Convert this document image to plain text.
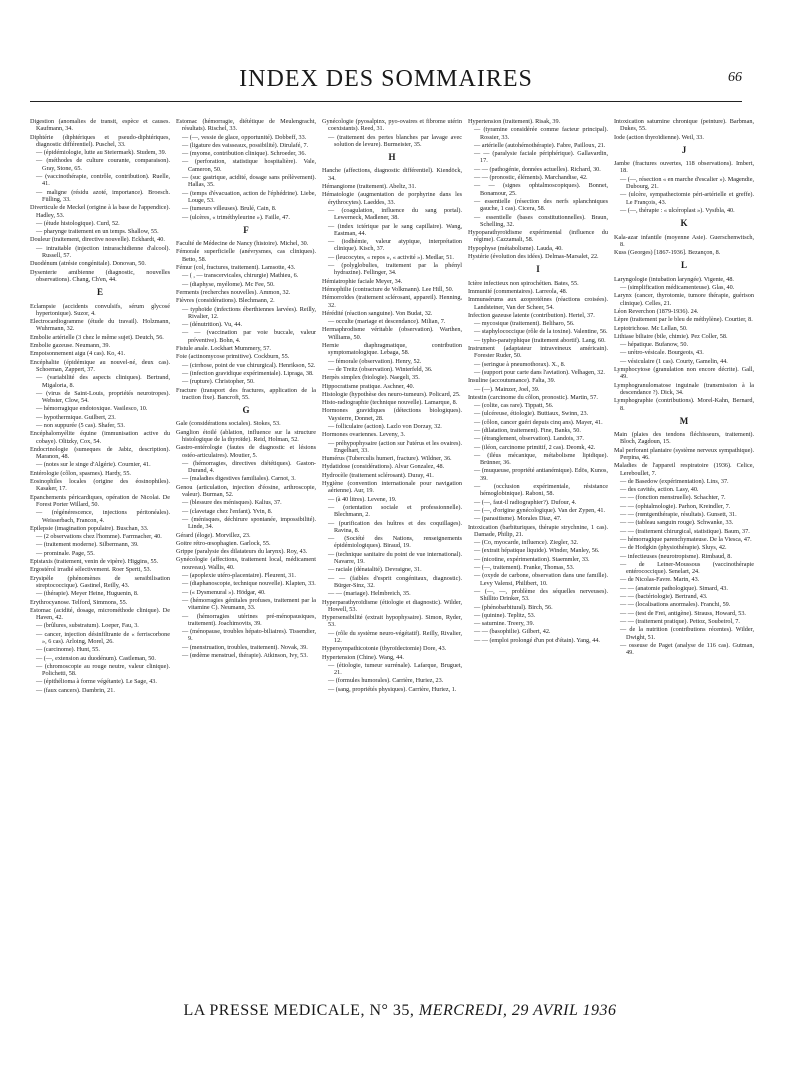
INDEX DES SOMMAIRES	66
Digestion (anomalies de transit, espèce et causes. Kaufmann, 34.
Diphtérie (diphtériques et pseudo-diphtériques, diagnostic différentiel). Puschel, 33.
— (épidémiologie, lutte au Steiermark). Studem, 39.
— (méthodes de culture courante, comparaison). Gray, Stone, 65.
— (vaccinothérapie, contrôle, contribution). Ruelle, 41.
— maligne (résidu azoté, importance). Broesch. Fülling, 33.
Diverticule de Meckel (origine à la base de l'appendice). Hadley, 53.
— (étude histologique). Curd, 52.
— pharynge traitement en un temps. Shallow, 55.
Douleur (traitement, directive nouvelle). Eckhardt, 40.
— intraitable (injection intrarachidienne d'alcool). Russell, 57.
Duodénum (atrésie congénitale). Donovan, 50.
Dysenterie amibienne (diagnostic, nouvelles observations). Chang, Ch'en, 44.
E
Eclampsie (accidents convulsifs, sérum glycosé hypertonique). Suzor, 4.
Electrocardiogramme (étude du travail). Holzmann, Wuhrmann, 32.
Embolie artérielle (3 chez le même sujet). Deutch, 56.
Embolie gazeuse. Neumann, 39.
Empoisonnement aigu (4 cas). Ko, 41.
Encéphalite (épidémique au nouvel-né, deux cas). Schoeman, Zappert, 37.
— (variabilité des aspects cliniques). Bertrand, Migaloria, 8.
— (virus de Saint-Louis, propriétés neurotropes). Webster, Clow, 54.
— hémorragique endotoxique. Vasilesco, 10.
— hypothermique. Guilbert, 23.
— non suppurée (5 cas). Shafer, 53.
Encéphalomyélite équine (immunisation active du cobaye). Olitzky, Cox, 54.
Endocrinologie (sumeques de Jabiz, description). Maranon, 48.
— (notes sur le singe d'Algérie). Cournier, 41.
Entérologie (côlon, spasmes). Hardy, 55.
Eosinophiles locales (origine des éosinophiles). Kasaker, 17.
Epanchements péricardiques, opération de Nicolai. De Forest Porter Willard, 50.
— (régénérescence, injections péritonéales). Weisserbach, Francon, 4.
Epilepsie (imagination populaire). Buschan, 33.
— (2 observations chez l'homme). Farrmacher, 40.
— (traitement moderne). Silbermann, 39.
— prominale. Page, 55.
Epistaxis (traitement, venin de vipère). Higgins, 55.
Ergostérol irradié sélectivement. Roer Sperti, 53.
Erysipèle (phénomènes de sensibilisation streptococcique). Gastinel, Reilly, 43.
— (thérapie). Meyer Heine, Huguenin, 8.
Erythrocyanose. Telford, Simmons, 55.
Estomac (acidité, dosage, microméthode clinique). De Haven, 42.
— (brûlures, substratum). Loeper, Fau, 3.
— cancer, injection désinfiltrante de « ferriscorbone », 6 cas). Arloing, Morel, 26.
— (carcinome). Hunt, 55.
— (—, extension au duodénum). Castleman, 50.
— (chromoscopie au rouge neutre, valeur clinique). Polichetti, 58.
— (épithélioma à forme végétante). Le Sage, 43.
— (faux cancers). Dambrin, 21.
Estomac (hémorragie, diététique de Meulengracht, résultats). Rischel, 33.
— (—, vessie de glace, opportunité). Dobbeff, 33.
— (ligature des vaisseaux, possibilité). Dirulafé, 7.
— (myome, contribution clinique). Schroeder, 36.
— (perforation, statistique hospitalière). Vale, Cameron, 50.
— (suc gastrique, acidité, dosage sans prélèvement). Hallas, 35.
— (temps d'évacuation, action de l'éphédrine). Liebe, Louge, 53.
— (tumeurs villeuses). Brulé, Cain, 8.
— (ulcères, « triméthyleurine »). Faille, 47.
F
Faculté de Médecine de Nancy (histoire). Michel, 30.
Fémorale superficielle (anévrysmes, cas cliniques). Betto, 58.
Fémur (col, fractures, traitement). Lamsotte, 43.
— ( , — transcervicales, chirurgie) Mathieu, 6.
— (diaphyse, myélome). Mc Fee, 50.
Ferments (recherches nouvelles). Ammon, 32.
Fièvres (considérations). Blechmann, 2.
— typhoïde (infections éberthiennes larvées). Reilly, Rivalier, 12.
— (dénutrition). Vu, 44.
— — (vaccination par voie buccale, valeur préventive). Bohn, 4.
Fistule anale. Lockhart Mummery, 57.
Foie (actinomycose primitive). Cockburn, 55.
— (cirrhose, point de vue chirurgical). Henrikson, 52.
— (infection gravidique expérimentale). Lipraga, 38.
— (rupture). Christopher, 50.
Fracture (transport des fractures, application de la traction fixe). Bancroft, 55.
G
Gale (considérations sociales). Stokes, 53.
Ganglion étoilé (ablation, influence sur la structure histologique de la thyroïde). Reid, Holman, 52.
Gastro-entérologie (fautes de diagnostic et lésions ostéo-articulaires). Moutier, 5.
— (hémorragies, directives diététiques). Gaston-Durand, 4.
— (maladies digestives familiales). Carnot, 3.
Genou (articulation, injection d'éosine, arthroscopie, valeur). Burman, 52.
— (blessure des ménisques). Kalius, 37.
— (clavetage chez l'enfant). Yvin, 8.
— (ménisques, déchirure spontanée, impossibilité). Linde, 34.
Gérard (éloge). Morvillez, 23.
Goitre rétro-œsophagien. Garlock, 55.
Grippe (paralysie des dilatateurs du larynx). Roy, 43.
Gynécologie (affections, traitement local, médicament nouveau). Wallis, 40.
— (apoplexie utéro-placentaire). Fleurent, 31.
— (diaphanoscopie, technique nouvelle). Klapten, 33.
— (« Dysmenural »). Hödgar, 40.
— (hémorragies génitales profuses, traitement par la vitamine C). Neumann, 33.
— (hémorragies utérines pré-ménopausiques, traitement). Joachimovits, 39.
— (ménopause, troubles hépato-biliaires). Tissendier, 9.
— (menstruation, troubles, traitement). Novak, 39.
— (œdème menstruel, thérapie). Atkinson, Ivy, 53.
Gynécologie (pyosalpinx, pyo-ovaires et fibrome utérin coexistants). Reed, 31.
— (traitement des pertes blanches par lavage avec solution de levure). Burmeister, 35.
H
Hanche (affections, diagnostic différentiel). Kiendöck, 34.
Hémangiome (traitement). Abeltz, 31.
Hématologie (augmentation de porphyrine dans les érythrocytes). Laeddes, 33.
— (coagulation, influence du sang portal). Lewerneck, Madlener, 38.
— (index ictérique par le sang capillaire). Wang, Eastman, 44.
— (iodhémie, valeur atypique, interprétation clinique). Kisch, 37.
— (leucocytes, « repos », « activité »). Medlar, 51.
— (polyglobulies, traitement par la phényl hydrazine). Fellinger, 34.
Hémiatrophie faciale Meyer, 34.
Hémophilie (contracture de Volkmann). Lee Hill, 50.
Hémorroïdes (traitement sclérosant, appareil). Henning, 32.
Hérédité (réaction sanguine). Von Budat, 32.
— occulte (mariage et descendance). Milian, 7.
Hermaphrodisme véritable (observation). Warthen, Williams, 50.
Hernie diaphragmatique, contribution symptomatologique. Lebaga, 58.
— fémorale (observation). Henry, 52.
— de Treitz (observation). Winterfeld, 36.
Herpès simplex (biologie). Naegeli, 35.
Hippocratisme pratique. Aschner, 40.
Histologie (hypothèse des neuro-tumeurs). Policard, 25.
Histo-radiographie (technique nouvelle). Lamarque, 8.
Hormones gravidiques (détections biologiques). Vaysierre, Donnet, 28.
— folliculaire (action). Lazlo von Dorzay, 32.
Hormones ovariennes. Leveny, 3.
— préhypophysaire (action sur l'utérus et les ovaires). Engelhart, 33.
Humérus (Tuberculis humeri, fracture). Wildner, 36.
Hydatidose (considérations). Alvar Gonzalez, 48.
Hydrocèle (traitement sclérosant). Duray, 41.
Hygiène (convention internationale pour navigation aérienne). Aur, 19.
— (à 40 litres). Levene, 19.
— (orientation sociale et professionnelle). Blechmann, 2.
— (purification des huîtres et des coquillages). Ravina, 8.
— (Société des Nations, renseignements épidémiologiques). Biraud, 19.
— (technique sanitaire du point de vue international). Navarre, 19.
— raciale (dénatalité). Devraigne, 31.
— — (faibles d'esprit congénitaux, diagnostic). Bürger-Sinz, 32.
— — (mariage). Helmbreich, 35.
Hyperparathyroïdisme (étiologie et diagnostic). Wilder, Howell, 53.
Hypersensibilité (extrait hypophysaire). Simon, Ryder, 53.
— (rôle du système neuro-végétatif). Reilly, Rivalier, 12.
Hypersympathicotonie (thyroïdectomie) Dore, 43.
Hypertension (Chine). Wang, 44.
— (étiologie, tumeur surrénale). Lafarque, Bruguet, 21.
— (formules humorales). Carrière, Huriez, 23.
— (sang, propriétés physiques). Carrière, Huriez, 1.
Hypertension (traitement). Risak, 39.
— (tyramine considérée comme facteur principal). Rossier, 33.
— artérielle (autohémothérapie). Fabre, Pailloux, 21.
— — (paralysie faciale périphérique). Gallavardin, 17.
— — (pathogénie, données actuelles). Richard, 30.
— — (pronostic, éléments). Marchandise, 42.
— — (signes ophtalmoscopiques). Bonnet, Bonamour, 25.
— essentielle (résection des nerfs splanchniques gauche, 1 cas). Cicera, 58.
— essentielle (bases constitutionnelles). Braun, Schelling, 32.
Hypoparathyroïdisme expérimental (influence du régime). Cazzamali, 58.
Hypophyse (métabolisme). Lauda, 40.
Hystérie (évolution des idées). Delmas-Marsalet, 22.
I
Ictère infectieux non spirochétien. Bates, 55.
Immunité (commentaires). Larreola, 48.
Immunsérums aux azoprotéines (réactions croisées). Landsteiner, Van der Scheer, 54.
Infection gazeuse latente (contribution). Hertel, 37.
— mycosique (traitement). Beliharo, 56.
— staphylococcique (rôle de la toxine). Valentine, 56.
— typho-paratyphique (traitement abortif). Lang, 60.
Instrument (adaptateur intraveineux américain). Forester Ruder, 50.
— (seringue à pneumothorax). X., 8.
— (support pour carte dans l'aviation). Velhagen, 32.
Insuline (accoutumance). Falta, 39.
— (—). Mainzer, Joel, 39.
Intestin (carcinome du côlon, pronostic). Martin, 57.
— (colite, cas rare). Tippatt, 56.
— (ulcéreuse, étiologie). Buttiaux, Swinn, 23.
— (côlon, cancer guéri depuis cinq ans). Mayer, 41.
— (dilatation, traitement). Fine, Banks, 50.
— (étranglement, observation). Landois, 37.
— (iléon, carcinome primitif, 2 cas). Deomk, 42.
— (iléus mécanique, métabolisme lipidique). Brünner, 36.
— (muqueuse, propriété antianémique). Edös, Kunos, 39.
— (occlusion expérimentale, résistance hémoglobinique). Raboni, 58.
— (—, faut-il radiographier?). Dufour, 4.
— (—, d'origine gynécologique). Van der Zypen, 41.
— (parasitisme). Morales Diaz, 47.
Intoxication (barbituriques, thérapie strychnine, 1 cas). Damade, Philip, 21.
— (Co, myocarde, influence). Ziegler, 32.
— (extrait hépatique liquide). Winder, Manley, 56.
— (nicotine, expérimentation). Staemmler, 33.
— (—, traitement). Franke, Thomas, 53.
— (oxyde de carbone, observation dans une famille). Levy Valensi, Philibert, 10.
— (—, —, problème des séquelles nerveuses). Shillito Drinker, 53.
— (phénobarbitural). Birch, 56.
— (quinine). Teplitz, 53.
— saturnine. Treery, 39.
— — (basophilie). Gilbert, 42.
— — (emploi prolongé d'un pot d'étain). Yang, 44.
Intoxication saturnine chronique (peinture). Barbman, Dukes, 55.
Iode (action thyroïdienne). Weil, 33.
J
Jambe (fractures ouvertes, 118 observations). Imbert, 18.
— (—, résection « en marche d'escalier »). Magendie, Dubourg, 21.
— (ulcère, sympathectomie péri-artérielle et greffe). Le François, 43.
— (—, thérapie : « ulcéroplast »). Vysibla, 40.
K
Kala-azar infantile (moyenne Asie). Guerschenwitsch, 8.
Kuss (Georges) [1867-1936]. Bezançon, 8.
L
Laryngologie (intubation laryngée). Vigente, 48.
— (simplification médicamenteuse). Glas, 40.
Larynx (cancer, thyrotomie, tumore thérapie, guérison clinique). Celles, 21.
Léon Reverchon (1879-1936). 24.
Lèpre (traitement par le bleu de méthylène). Courtier, 8.
Leptotrichose. Mc Lellan, 50.
Lithiase biliaire (bile, chimie). Pez Coller, 58.
— hépatique. Bufanow, 50.
— urétro-vésicale. Bourgeois, 43.
— vésiculaire (1 cas). Courty, Gamelin, 44.
Lymphocytose (granulation non encore décrite). Gall, 49.
Lymphogranulomatose inguinale (transmission à la descendance ?). Dick, 34.
Lymphographie (contributions). Morel-Kahn, Bernard, 8.
M
Main (plaies des tendons fléchisseurs, traitement). Bloch, Zagdoun, 15.
Mal perforant plantaire (système nerveux sympathique). Perpina, 46.
Maladies de l'appareil respiratoire (1936). Celice, Lereboullet, 7.
— de Basedow (expérimentation). Lins, 37.
— des cavités, action. Lasy, 40.
— — (fonction menstruelle). Schachter, 7.
— — (ophtalmologie). Parhon, Kreindler, 7.
— — (rœntgenthérapie, résultats). Gunsett, 31.
— — (tableau sanguin rouge). Schwanke, 33.
— — (traitement chirurgical, statistique). Baum, 37.
— hémorragique parenchymateuse. De la Viesca, 47.
— de Hodgkin (physiothérapie). Sluys, 42.
— infectieuses (neurotropisme). Rimbaud, 8.
— de Leiner-Moussous (vaccinothérapie entérococcique). Senelart, 24.
— de Nicolas-Favre. Marin, 43.
— — (anatomie pathologique). Simard, 43.
— — (bactériologie). Bertrand, 43.
— — (localisations anormales). Franchi, 59.
— — (test de Frei, antigène). Strauss, Howard, 53.
— — (traitement pratique). Pettoz, Soubeirol, 7.
— de la nutrition (contributions récentes). Wilder, Dwight, 51.
— osseuse de Paget (analyse de 116 cas). Gutman, 49.
LA PRESSE MEDICALE, N° 35, MERCREDI, 29 AVRIL 1936
